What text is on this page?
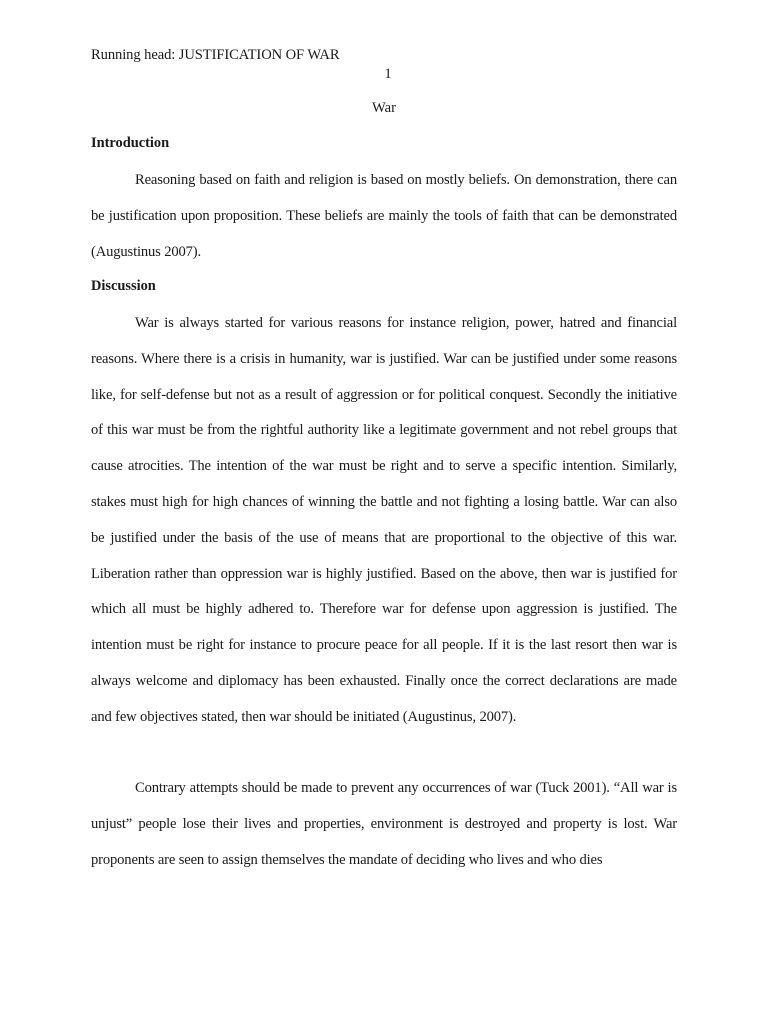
Running head: JUSTIFICATION OF WAR
1
War
Introduction
Reasoning based on faith and religion is based on mostly beliefs. On demonstration, there can be justification upon proposition. These beliefs are mainly the tools of faith that can be demonstrated (Augustinus 2007).
Discussion
War is always started for various reasons for instance religion, power, hatred and financial reasons. Where there is a crisis in humanity, war is justified. War can be justified under some reasons like, for self-defense but not as a result of aggression or for political conquest. Secondly the initiative of this war must be from the rightful authority like a legitimate government and not rebel groups that cause atrocities. The intention of the war must be right and to serve a specific intention. Similarly, stakes must high for high chances of winning the battle and not fighting a losing battle. War can also be justified under the basis of the use of means that are proportional to the objective of this war. Liberation rather than oppression war is highly justified. Based on the above, then war is justified for which all must be highly adhered to. Therefore war for defense upon aggression is justified. The intention must be right for instance to procure peace for all people. If it is the last resort then war is always welcome and diplomacy has been exhausted. Finally once the correct declarations are made and few objectives stated, then war should be initiated (Augustinus, 2007).
Contrary attempts should be made to prevent any occurrences of war (Tuck 2001). “All war is unjust” people lose their lives and properties, environment is destroyed and property is lost. War proponents are seen to assign themselves the mandate of deciding who lives and who dies
